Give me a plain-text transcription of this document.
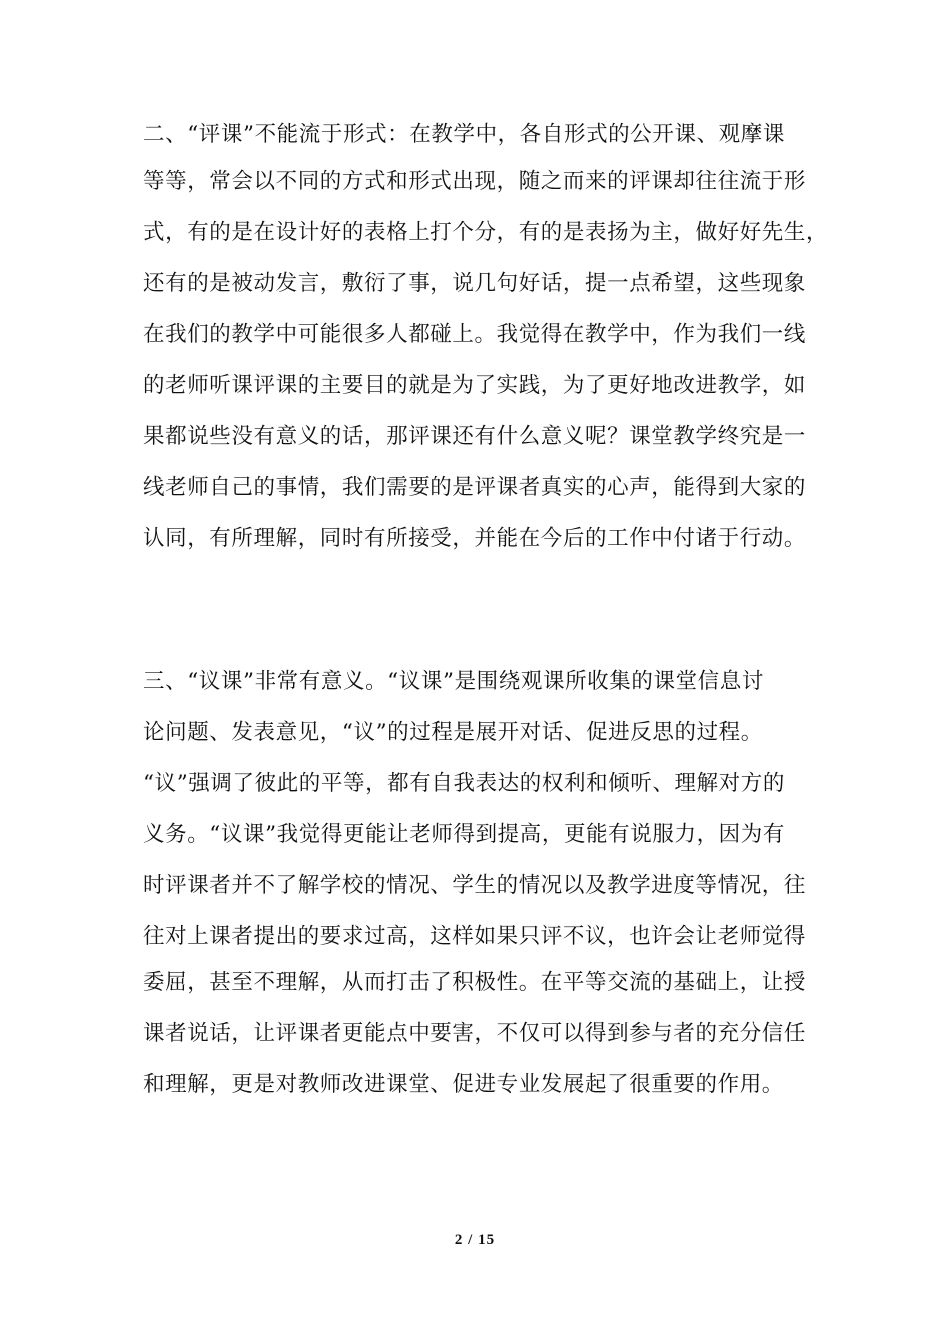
二、“评课”不能流于形式：在教学中，各自形式的公开课、观摩课
等等，常会以不同的方式和形式出现，随之而来的评课却往往流于形
式，有的是在设计好的表格上打个分，有的是表扬为主，做好好先生，
还有的是被动发言，敷衍了事，说几句好话，提一点希望，这些现象
在我们的教学中可能很多人都碰上。我觉得在教学中，作为我们一线
的老师听课评课的主要目的就是为了实践，为了更好地改进教学，如
果都说些没有意义的话，那评课还有什么意义呢？课堂教学终究是一
线老师自己的事情，我们需要的是评课者真实的心声，能得到大家的
认同，有所理解，同时有所接受，并能在今后的工作中付诸于行动。
三、“议课”非常有意义。“议课”是围绕观课所收集的课堂信息讨
论问题、发表意见，“议”的过程是展开对话、促进反思的过程。
“议”强调了彼此的平等，都有自我表达的权利和倾听、理解对方的
义务。“议课”我觉得更能让老师得到提高，更能有说服力，因为有
时评课者并不了解学校的情况、学生的情况以及教学进度等情况，往
往对上课者提出的要求过高，这样如果只评不议，也许会让老师觉得
委屈，甚至不理解，从而打击了积极性。在平等交流的基础上，让授
课者说话，让评课者更能点中要害，不仅可以得到参与者的充分信任
和理解，更是对教师改进课堂、促进专业发展起了很重要的作用。
2 / 15
